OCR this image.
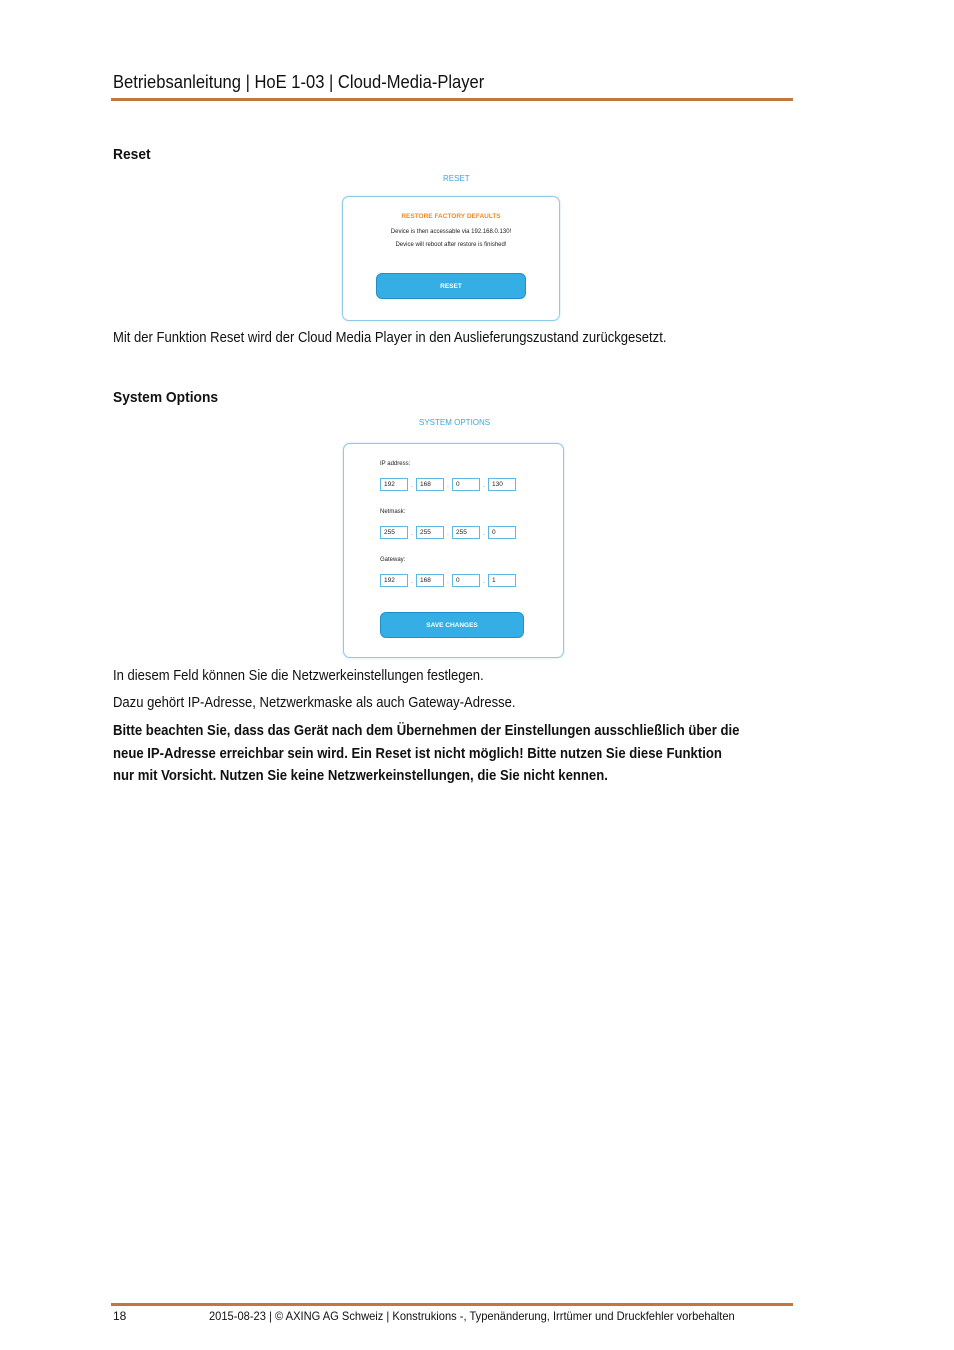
Betriebsanleitung | HoE 1-03 | Cloud-Media-Player
Reset
RESET
RESTORE FACTORY DEFAULTS
Device is then accessable via 192.168.0.130!
Device will reboot after restore is finished!
RESET
Mit der Funktion Reset wird der Cloud Media Player in den Auslieferungszustand zurückgesetzt.
System Options
SYSTEM OPTIONS
IP address:
192	.	168	.	0	.	130
Netmask:
255	.	255	.	255	.	0
Gateway:
192	.	168	.	0	.	1
SAVE CHANGES
In diesem Feld können Sie die Netzwerkeinstellungen festlegen.
Dazu gehört IP-Adresse, Netzwerkmaske als auch Gateway-Adresse.
Bitte beachten Sie, dass das Gerät nach dem Übernehmen der Einstellungen ausschließlich über die
neue IP-Adresse erreichbar sein wird. Ein Reset ist nicht möglich! Bitte nutzen Sie diese Funktion
nur mit Vorsicht. Nutzen Sie keine Netzwerkeinstellungen, die Sie nicht kennen.
18	2015-08-23 | © AXING AG Schweiz | Konstrukions -, Typenänderung, Irrtümer und Druckfehler vorbehalten
